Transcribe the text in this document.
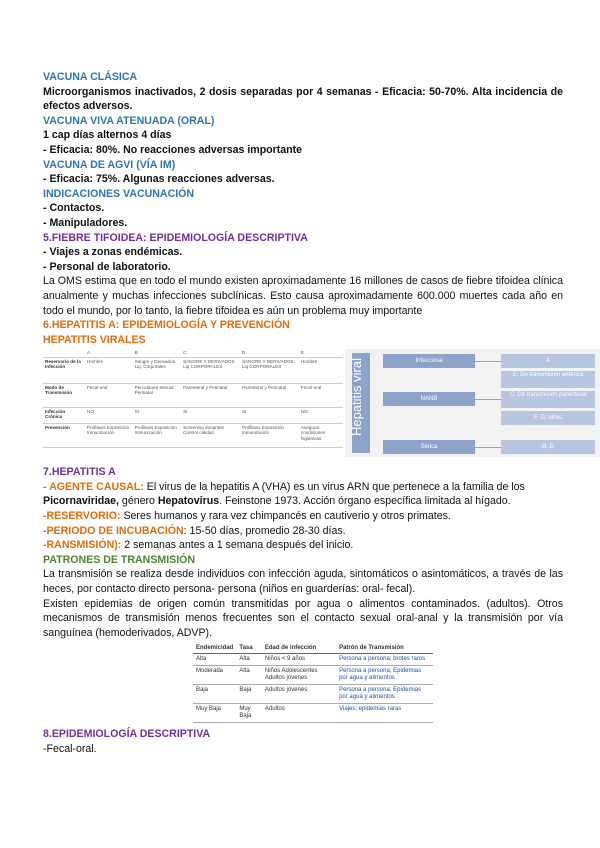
VACUNA CLÁSICA
Microorganismos inactivados, 2 dosis separadas por 4 semanas - Eficacia: 50-70%. Alta incidencia de efectos adversos.
VACUNA VIVA ATENUADA (ORAL)
1 cap días alternos 4 días
- Eficacia: 80%. No reacciones adversas importante
VACUNA DE AGVI (VÍA IM)
- Eficacia: 75%. Algunas reacciones adversas.
INDICACIONES VACUNACIÓN
- Contactos.
- Manipuladores.
5.FIEBRE TIFOIDEA: EPIDEMIOLOGÍA DESCRIPTIVA
- Viajes a zonas endémicas.
- Personal de laboratorio.
La OMS estima que en todo el mundo existen aproximadamente 16 millones de casos de fiebre tifoidea clínica anualmente y muchas infecciones subclínicas. Esto causa aproximadamente 600.000 muertes cada año en todo el mundo, por lo tanto, la fiebre tifoidea es aún un problema muy importante
6.HEPATITIS A: EPIDEMIOLOGÍA Y PREVENCIÓN
HEPATITIS VIRALES
	A	B	C	D	E
Reservorio de la Infección	Hombre	Sangre y Derivados Liq. Corporales	SANGRE Y DERIVADOS Liq CORPORALES	SANGRE Y DERIVADOS Liq CORPORALES	Hombre
Modo de Transmisión	Fecal-oral	Percutánea Sexual Perinatal	Parenteral y Perinatal	Parenteral y Perinatal	Fecal-oral
Infección Crónica	NO	SI	SI	SI	NO
Prevención	Profilaxis Exposición Inmunización	Profilaxis Exposición Inmunización	Screening donantes Control calidad	Profilaxis Exposición Inmunización	Asegurar condiciones higiénicas
Hepatitis viral	Infecciosa
NANB
Sérica
A
E: De transmisión entérica
C: De transmisión parenteral
F, G, otras
B, D
7.HEPATITIS A
- AGENTE CAUSAL: El virus de la hepatitis A (VHA) es un virus ARN que pertenece a la familia de los
Picornaviridae, género Hepatovirus. Feinstone 1973. Acción órgano específica limitada al hígado.
-RESERVORIO: Seres humanos y rara vez chimpancés en cautiverio y otros primates.
-PERIODO DE INCUBACIÓN: 15-50 días, promedio 28-30 días.
-RANSMISIÓN): 2 semanas antes a 1 semana después del inicio.
PATRONES DE TRANSMISIÓN
La transmisión se realiza desde individuos con infección aguda, sintomáticos o asintomáticos, a través de las heces, por contacto directo persona- persona (niños en guarderías: oral- fecal).
Existen epidemias de origen común transmitidas por agua o alimentos contaminados. (adultos). Otros mecanismos de transmisión menos frecuentes son el contacto sexual oral-anal y la transmisión por vía sanguínea (hemoderivados, ADVP).
Endemicidad	Tasa	Edad de infección	Patrón de Transmisión
Alta	Alta	Niños < 9 años	Persona a persona; brotes raros
Moderada	Alta	Niños Adolescentes Adultos jóvenes	Persona a persona; Epidemias por agua y alimentos
Baja	Baja	Adultos jóvenes	Persona a persona; Epidemias por agua y alimentos
Muy Baja	Muy Baja	Adultos	Viajes; epidemias raras
8.EPIDEMIOLOGÍA DESCRIPTIVA
-Fecal-oral.
